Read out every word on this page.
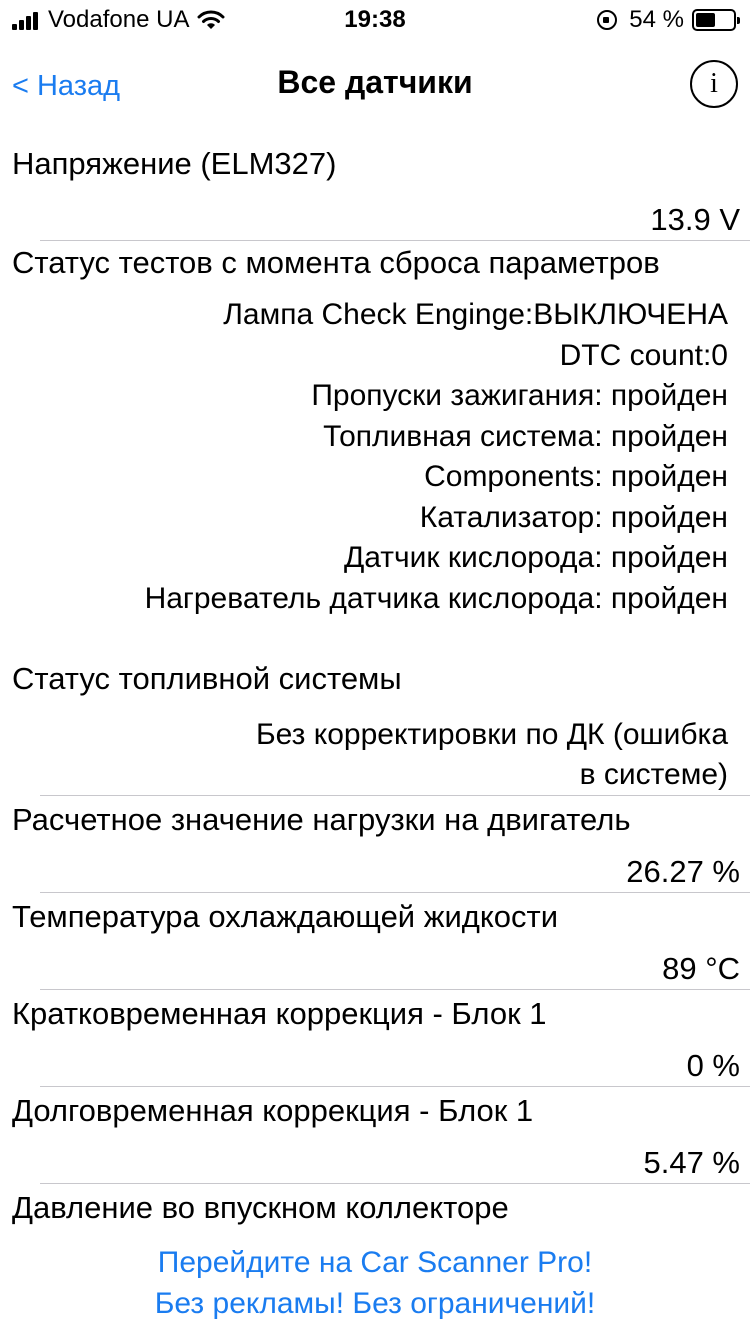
Vodafone UA	19:38	54 %
< Назад	Все датчики	i
Напряжение (ELM327)
13.9 V
Статус тестов с момента сброса параметров
Лампа Check Enginge:ВЫКЛЮЧЕНА
DTC count:0
Пропуски зажигания: пройден
Топливная система: пройден
Components: пройден
Катализатор: пройден
Датчик кислорода: пройден
Нагреватель датчика кислорода: пройден
Статус топливной системы
Без корректировки по ДК (ошибка
в системе)
Расчетное значение нагрузки на двигатель
26.27 %
Температура охлаждающей жидкости
89 °C
Кратковременная коррекция - Блок 1
0 %
Долговременная коррекция - Блок 1
5.47 %
Давление во впускном коллекторе
Перейдите на Car Scanner Pro!
Без рекламы! Без ограничений!
